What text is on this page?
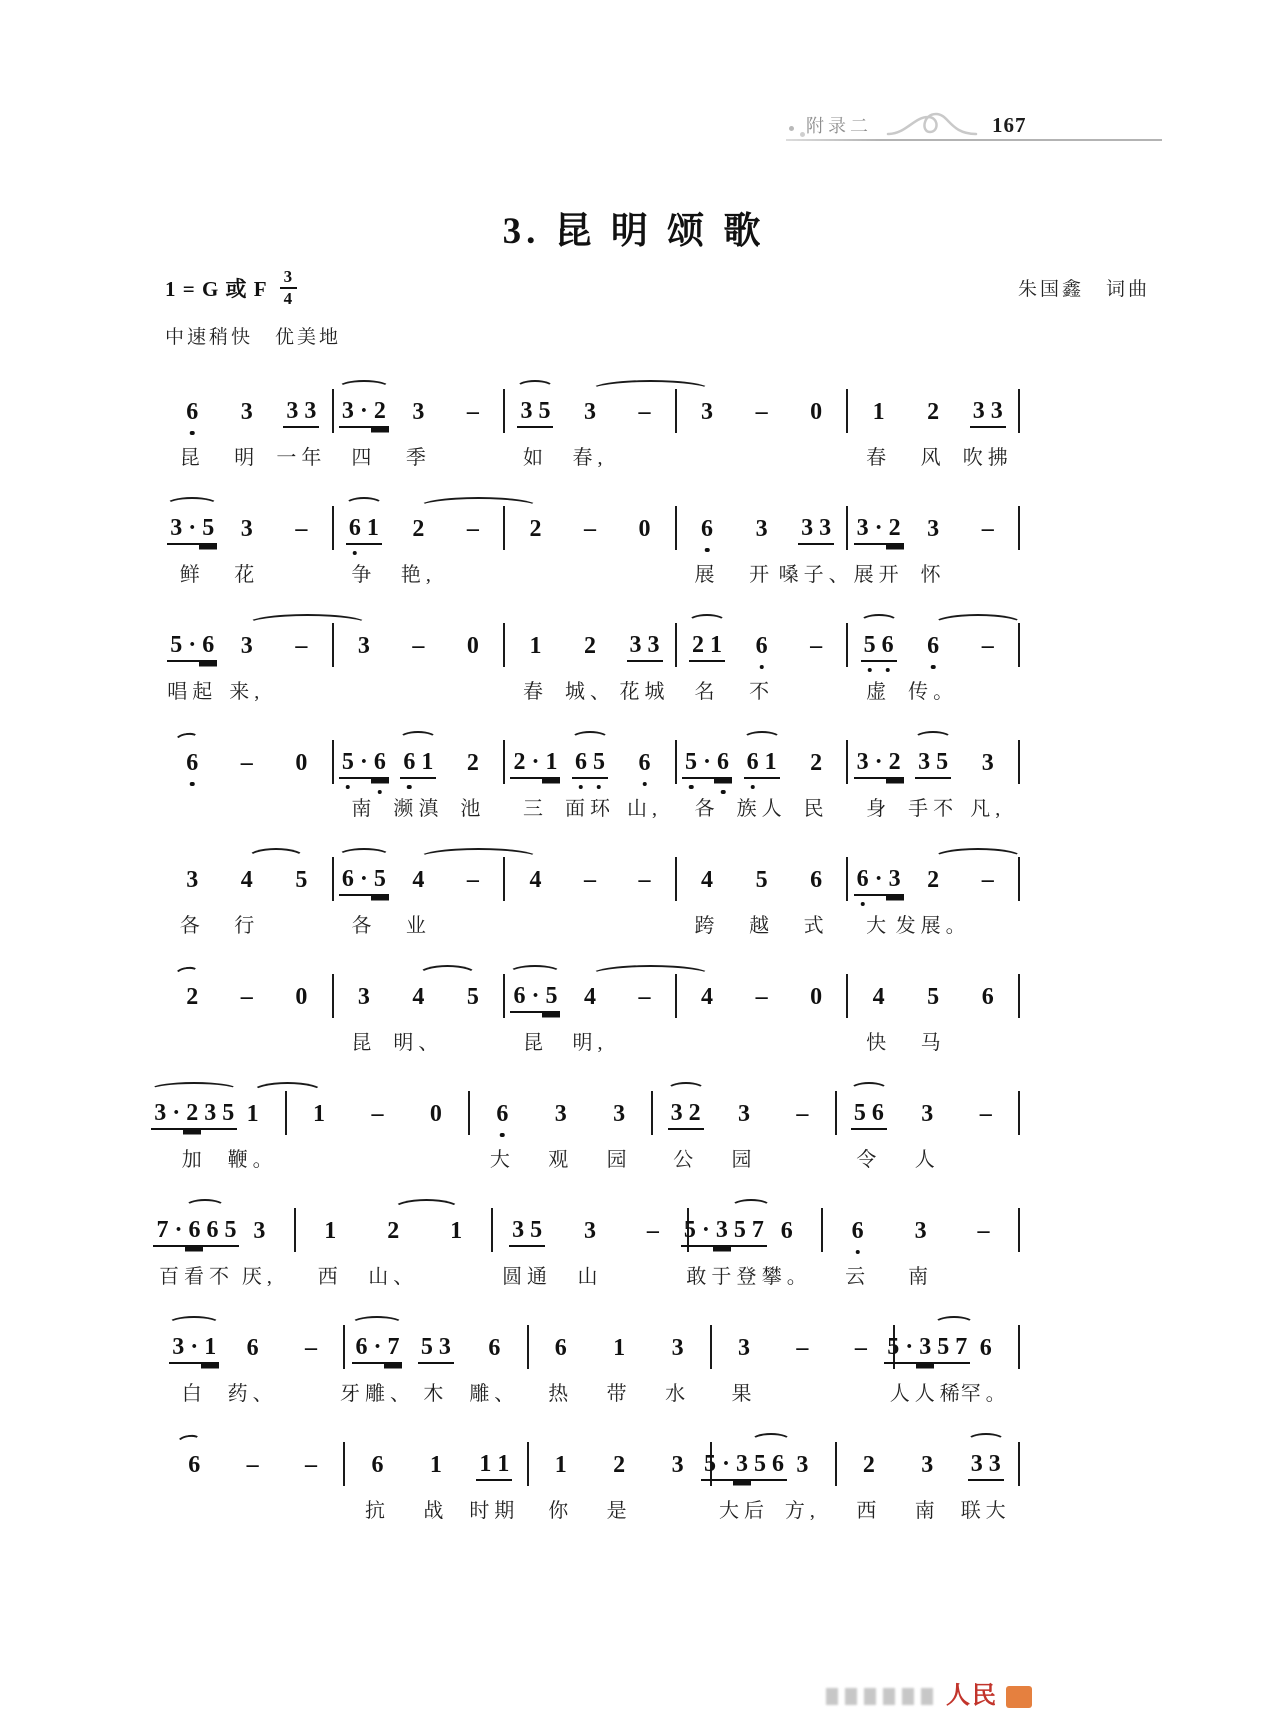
附录二	167
3. 昆 明 颂 歌
1 = G 或 F $\frac{3}{4}$	朱国鑫　词曲
中速稍快　优美地
6
昆
3
明
3 3
一年
3 · 2
四
3
季
– 3 5
如
3
春,
– 3 – 0 1
春
2
风
3 3
吹拂
3 · 5
鲜
3
花
– 6 1
争
2
艳,
– 2 – 0 6
展
3
开
3 3
嗓子、
3 · 2
展开
3
怀
–
5 · 6
唱起
3
来,
– 3 – 0 1
春
2
城、
3 3
花城
2 1
名
6
不
– 5 6
虚
6
传。
–
6 – 0 5 · 6
南
6 1
濒滇
2
池
2 · 1
三
6 5
面环
6
山,
5 · 6
各
6 1
族人
2
民
3 · 2
身
3 5
手不
3
凡,
3
各
4
行
5 6 · 5
各
4
业
– 4 – – 4
跨
5
越
6
式
6 · 3
大
2
发展。
–
2 – 0 3
昆
4
明、
5 6 · 5
昆
4
明,
– 4 – 0 4
快
5
马
6
3 · 2 3 5
加
1
鞭。
1 – 0 6
大
3
观
3
园
3 2
公
3
园
– 5 6
令
3
人
–
7 · 6 6 5
百看不
3
厌,
1
西
2
山、
1 3 5
圆通
3
山
– 5 · 3 5 7
敢于登
6
攀。
6
云
3
南
–
3 · 1
白
6
药、
– 6 · 7
牙雕、
5 3
木
6
雕、
6
热
1
带
3
水
3
果
– – 5 · 3 5 7
人人稀
6
罕。
6 – – 6
抗
1
战
1 1
时期
1
你
2
是
3 5 · 3 5 6
大后
3
方,
2
西
3
南
3 3
联大
人民
